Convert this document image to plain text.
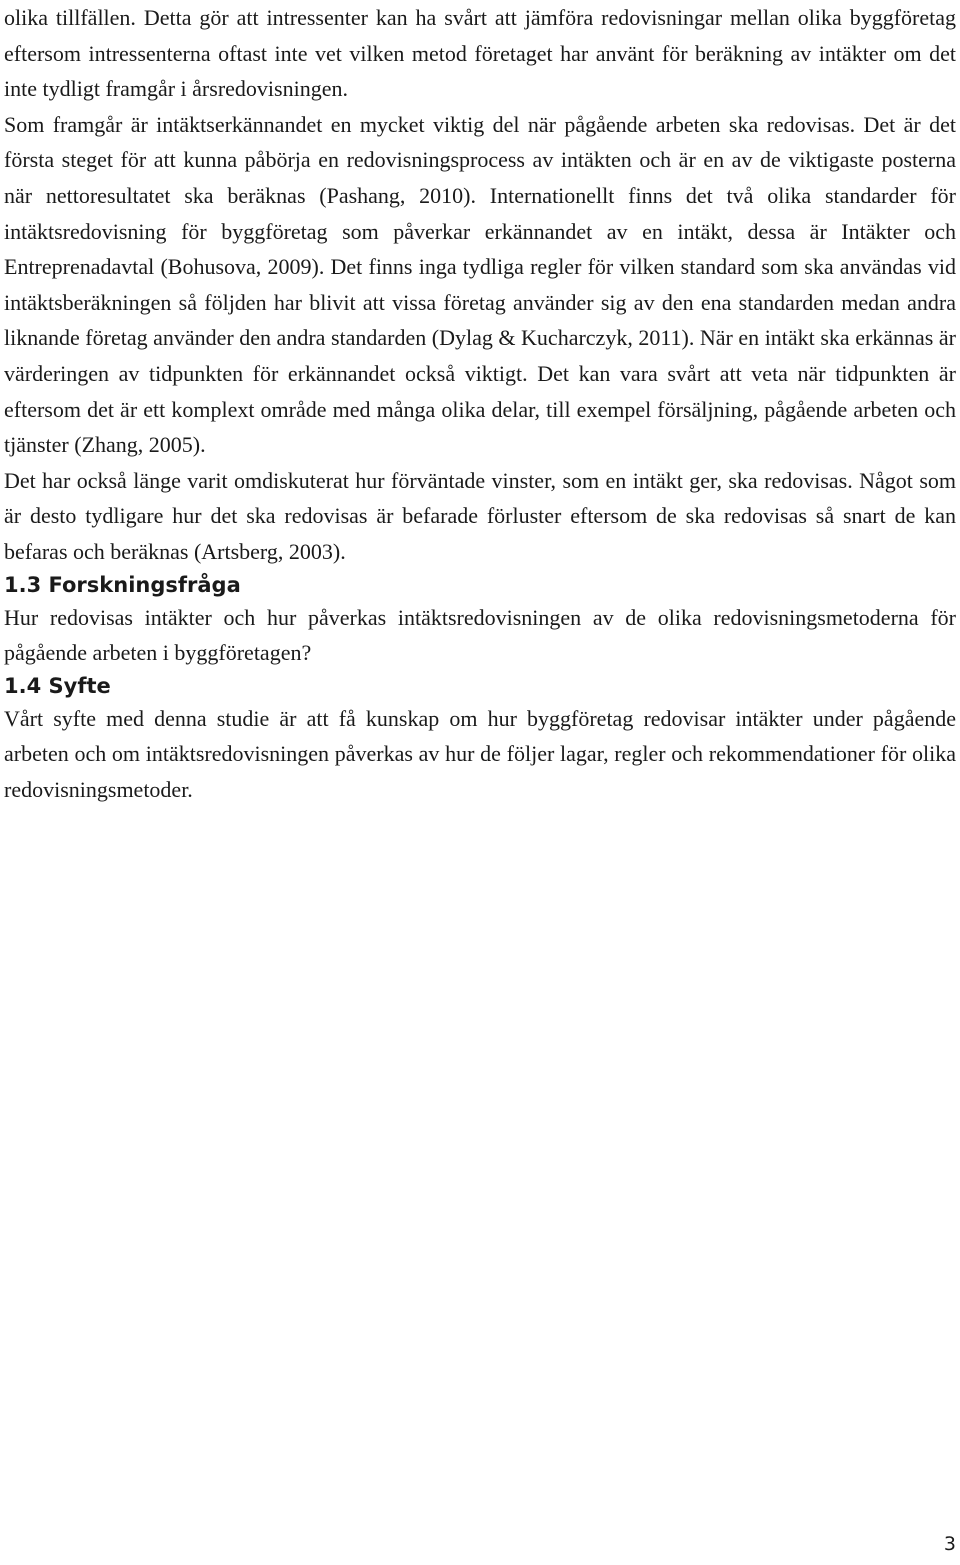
olika tillfällen. Detta gör att intressenter kan ha svårt att jämföra redovisningar mellan olika byggföretag eftersom intressenterna oftast inte vet vilken metod företaget har använt för beräkning av intäkter om det inte tydligt framgår i årsredovisningen.

Som framgår är intäktserkännandet en mycket viktig del när pågående arbeten ska redovisas. Det är det första steget för att kunna påbörja en redovisningsprocess av intäkten och är en av de viktigaste posterna när nettoresultatet ska beräknas (Pashang, 2010). Internationellt finns det två olika standarder för intäktsredovisning för byggföretag som påverkar erkännandet av en intäkt, dessa är Intäkter och Entreprenadavtal (Bohusova, 2009). Det finns inga tydliga regler för vilken standard som ska användas vid intäktsberäkningen så följden har blivit att vissa företag använder sig av den ena standarden medan andra liknande företag använder den andra standarden (Dylag & Kucharczyk, 2011). När en intäkt ska erkännas är värderingen av tidpunkten för erkännandet också viktigt. Det kan vara svårt att veta när tidpunkten är eftersom det är ett komplext område med många olika delar, till exempel försäljning, pågående arbeten och tjänster (Zhang, 2005).

Det har också länge varit omdiskuterat hur förväntade vinster, som en intäkt ger, ska redovisas. Något som är desto tydligare hur det ska redovisas är befarade förluster eftersom de ska redovisas så snart de kan befaras och beräknas (Artsberg, 2003).

1.3 Forskningsfråga

Hur redovisas intäkter och hur påverkas intäktsredovisningen av de olika redovisningsmetoderna för pågående arbeten i byggföretagen?

1.4 Syfte

Vårt syfte med denna studie är att få kunskap om hur byggföretag redovisar intäkter under pågående arbeten och om intäktsredovisningen påverkas av hur de följer lagar, regler och rekommendationer för olika redovisningsmetoder.

3
